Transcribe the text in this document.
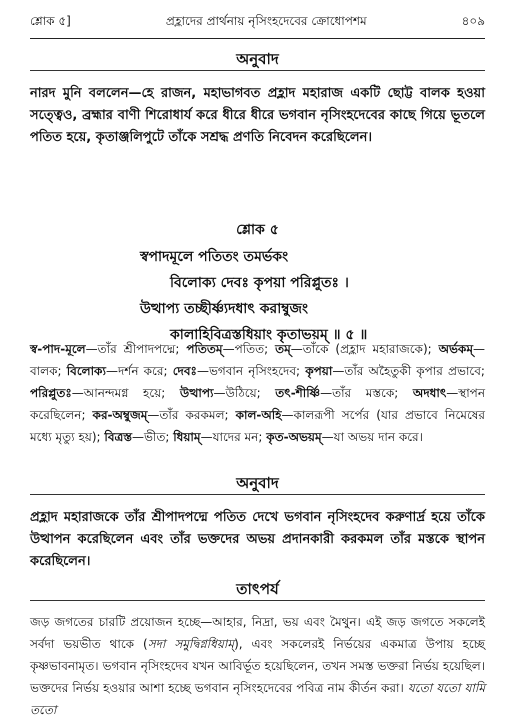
শ্লোক ৫]	প্রহ্লাদের প্রার্থনায় নৃসিংহদেবের ক্রোধোপশম	৪০৯
অনুবাদ
নারদ মুনি বললেন—হে রাজন, মহাভাগবত প্রহ্লাদ মহারাজ একটি ছোট্ট বালক হওয়া সত্ত্বেও, ব্রহ্মার বাণী শিরোধার্য করে ধীরে ধীরে ভগবান নৃসিংহদেবের কাছে গিয়ে ভূতলে পতিত হয়ে, কৃতাঞ্জলিপুটে তাঁকে সশ্রদ্ধ প্রণতি নিবেদন করেছিলেন।
শ্লোক ৫
স্বপাদমূলে পতিতং তমর্ভকং
বিলোক্য দেবঃ কৃপয়া পরিপ্লুতঃ ।
উত্থাপ্য তচ্ছীর্ষ্ণ্যদধাৎ করাম্বুজং
কালাহিবিত্রস্তধিয়াং কৃতাভয়ম্ ॥ ৫ ॥
স্ব-পাদ-মূলে—তাঁর শ্রীপাদপদ্মে; পতিতম্—পতিত; তম্—তাঁকে (প্রহ্লাদ মহারাজকে); অর্ভকম্—বালক; বিলোক্য—দর্শন করে; দেবঃ—ভগবান নৃসিংহদেব; কৃপয়া—তাঁর অহৈতুকী কৃপার প্রভাবে; পরিপ্লুতঃ—আনন্দমগ্ন হয়ে; উত্থাপ্য—উঠিয়ে; তৎ-শীর্ষ্ণি—তাঁর মস্তকে; অদধাৎ—স্থাপন করেছিলেন; কর-অম্বুজম্—তাঁর করকমল; কাল-অহি—কালরূপী সর্পের (যার প্রভাবে নিমেষের মধ্যে মৃত্যু হয়); বিত্রস্ত—ভীত; ধিয়াম্—যাদের মন; কৃত-অভয়ম্—যা অভয় দান করে।
অনুবাদ
প্রহ্লাদ মহারাজকে তাঁর শ্রীপাদপদ্মে পতিত দেখে ভগবান নৃসিংহদেব করুণার্দ্র হয়ে তাঁকে উত্থাপন করেছিলেন এবং তাঁর ভক্তদের অভয় প্রদানকারী করকমল তাঁর মস্তকে স্থাপন করেছিলেন।
তাৎপর্য
জড় জগতের চারটি প্রয়োজন হচ্ছে—আহার, নিদ্রা, ভয় এবং মৈথুন। এই জড় জগতে সকলেই সর্বদা ভয়ভীত থাকে (সদা সমুদ্বিগ্নধিয়াম্), এবং সকলেরই নির্ভয়ের একমাত্র উপায় হচ্ছে কৃষ্ণভাবনামৃত। ভগবান নৃসিংহদেব যখন আবির্ভূত হয়েছিলেন, তখন সমস্ত ভক্তরা নির্ভয় হয়েছিল। ভক্তদের নির্ভয় হওয়ার আশা হচ্ছে ভগবান নৃসিংহদেবের পবিত্র নাম কীর্তন করা। যতো যতো যামি ততো
